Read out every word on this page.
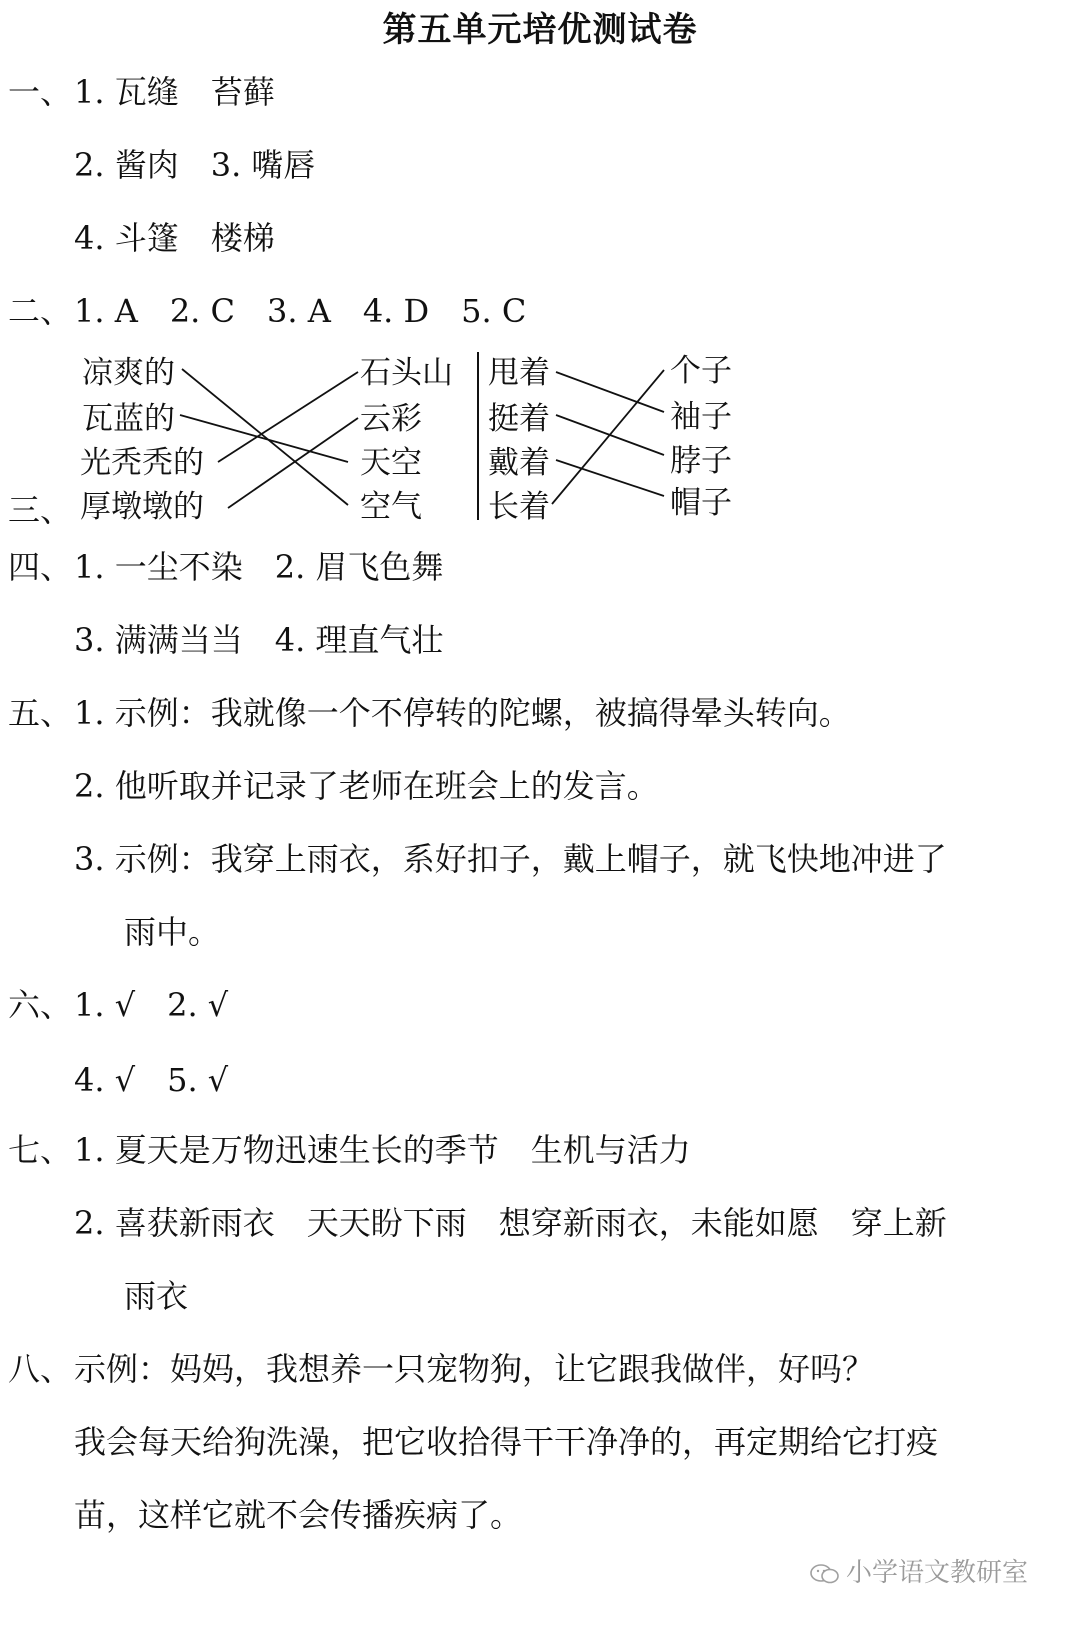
第五单元培优测试卷
一、 1. 瓦缝　苔藓
2. 酱肉　3. 嘴唇
4. 斗篷　楼梯
二、 1. A　2. C　3. A　4. D　5. C
三、
凉爽的
瓦蓝的
光秃秃的
厚墩墩的
石头山
云彩
天空
空气
甩着
挺着
戴着
长着
个子
袖子
脖子
帽子
四、 1. 一尘不染　2. 眉飞色舞
3. 满满当当　4. 理直气壮
五、 1. 示例：我就像一个不停转的陀螺，被搞得晕头转向。
2. 他听取并记录了老师在班会上的发言。
3. 示例：我穿上雨衣，系好扣子，戴上帽子，就飞快地冲进了
雨中。
六、 1. √　2. √
4. √　5. √
七、 1. 夏天是万物迅速生长的季节　生机与活力
2. 喜获新雨衣　天天盼下雨　想穿新雨衣，未能如愿　穿上新
雨衣
八、 示例：妈妈，我想养一只宠物狗，让它跟我做伴，好吗？
我会每天给狗洗澡，把它收拾得干干净净的，再定期给它打疫
苗，这样它就不会传播疾病了。
小学语文教研室
